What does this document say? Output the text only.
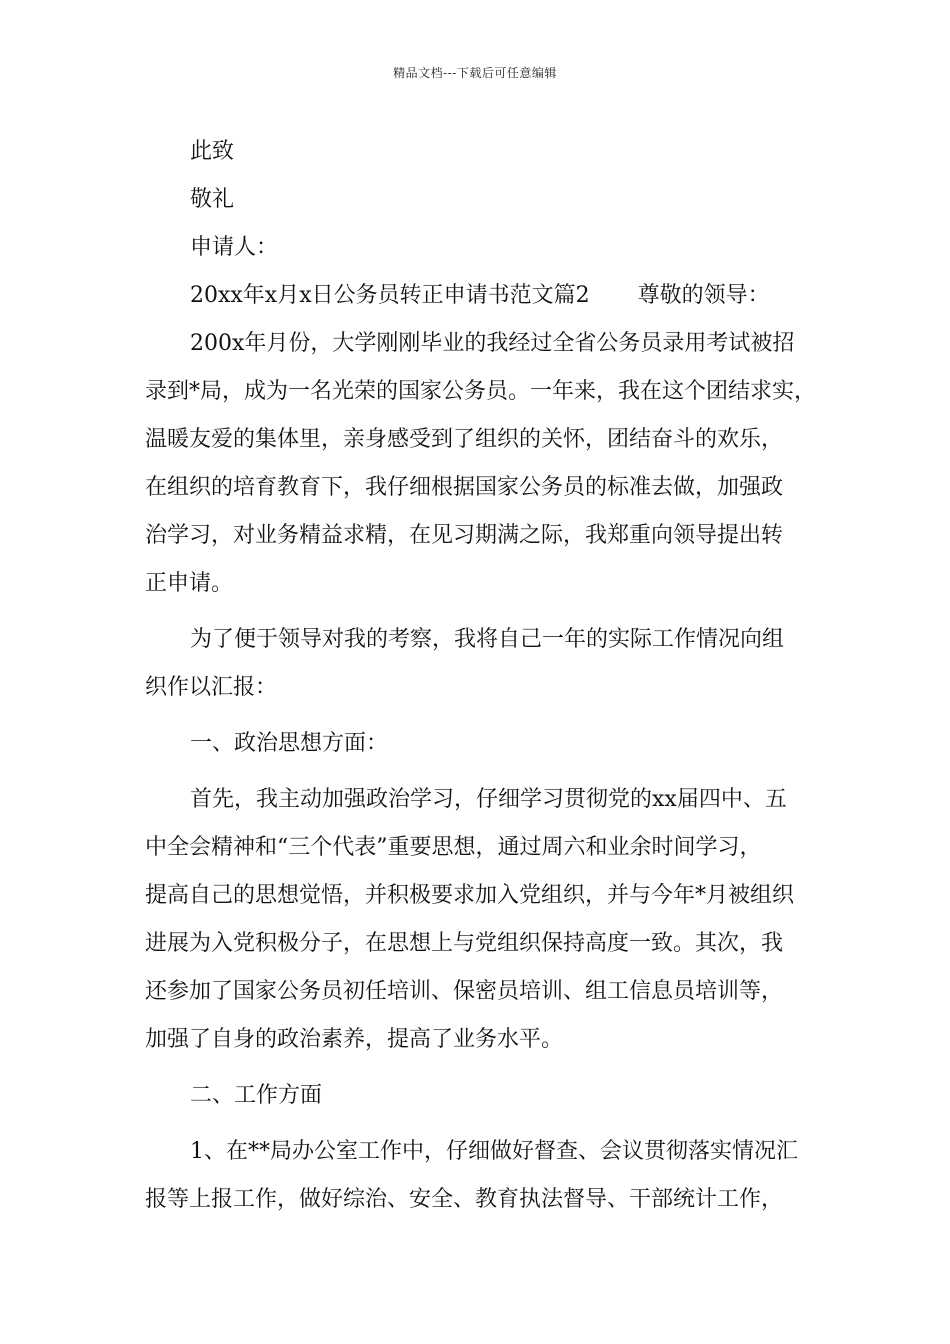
精品文档---下载后可任意编辑

此致

敬礼

申请人：

20xx年x月x日公务员转正申请书范文篇2 尊敬的领导：

200x年月份，大学刚刚毕业的我经过全省公务员录用考试被招

录到*局，成为一名光荣的国家公务员。一年来，我在这个团结求实，

温暖友爱的集体里，亲身感受到了组织的关怀，团结奋斗的欢乐，

在组织的培育教育下，我仔细根据国家公务员的标准去做，加强政

治学习，对业务精益求精，在见习期满之际，我郑重向领导提出转

正申请。

为了便于领导对我的考察，我将自己一年的实际工作情况向组

织作以汇报：

一、政治思想方面：

首先，我主动加强政治学习，仔细学习贯彻党的xx届四中、五

中全会精神和“三个代表”重要思想，通过周六和业余时间学习，

提高自己的思想觉悟，并积极要求加入党组织，并与今年*月被组织

进展为入党积极分子，在思想上与党组织保持高度一致。其次，我

还参加了国家公务员初任培训、保密员培训、组工信息员培训等，

加强了自身的政治素养，提高了业务水平。

二、工作方面

1、在**局办公室工作中，仔细做好督查、会议贯彻落实情况汇

报等上报工作，做好综治、安全、教育执法督导、干部统计工作，
